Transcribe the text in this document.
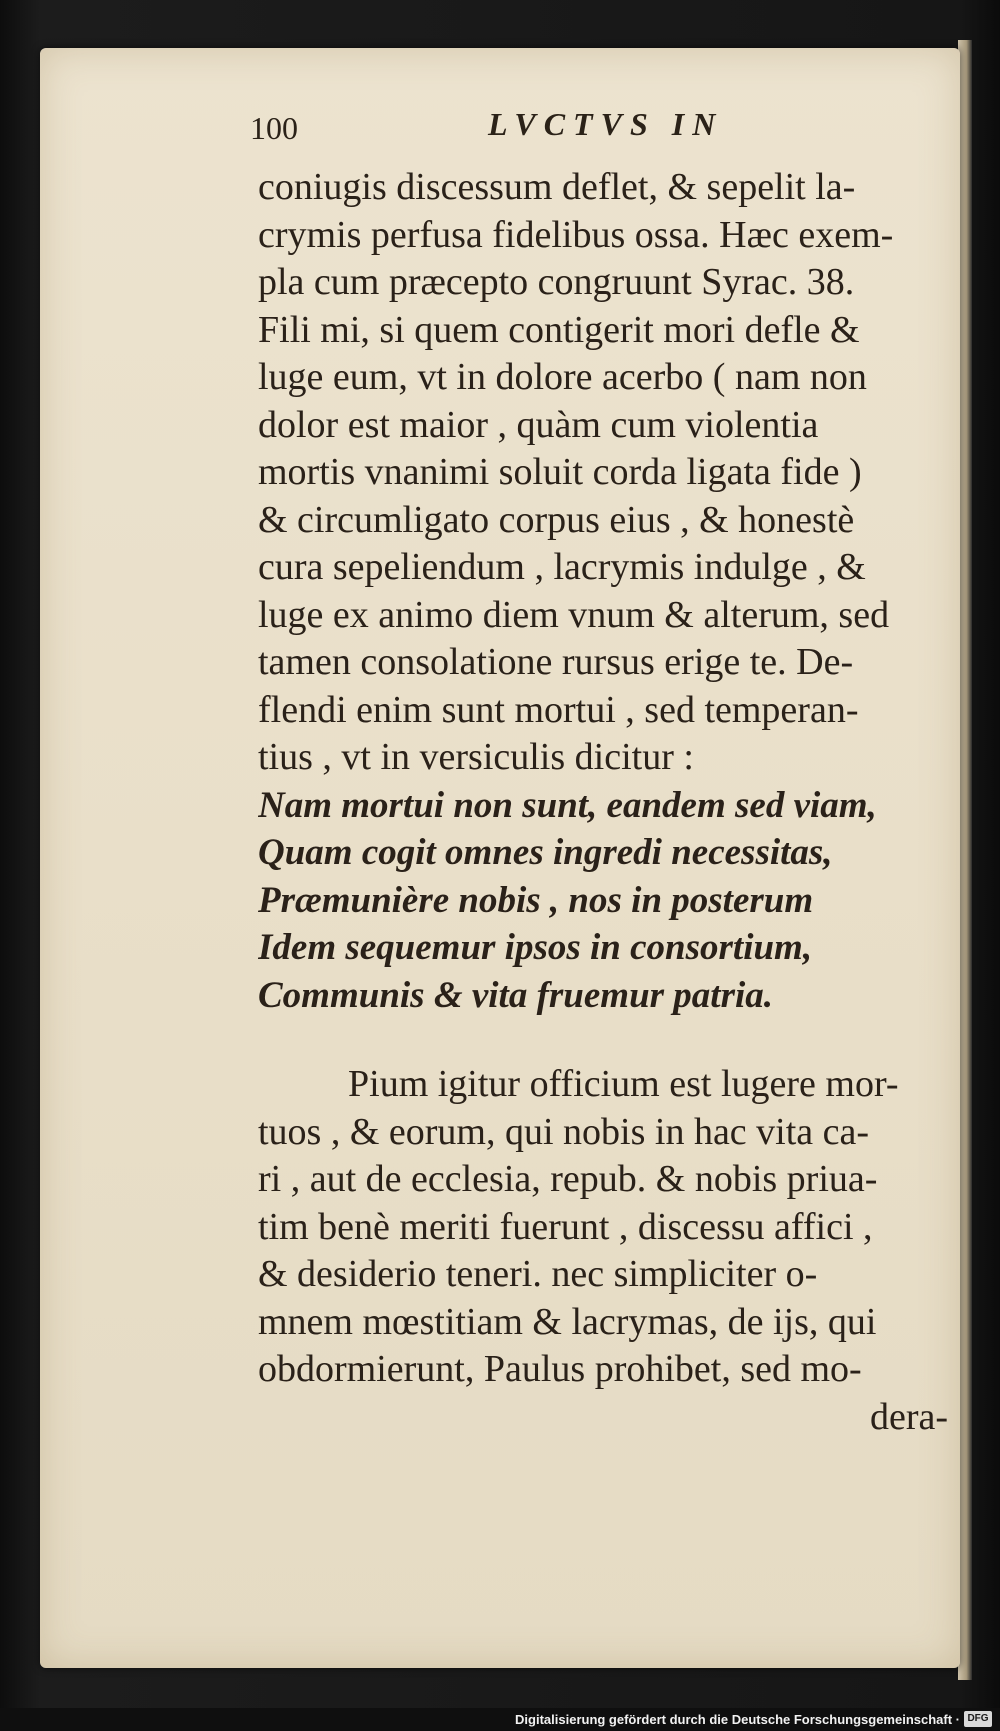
100	LVCTVS IN
coniugis discessum deflet, & sepelit la-
crymis perfusa fidelibus ossa. Hæc exem-
pla cum præcepto congruunt Syrac. 38.
Fili mi, si quem contigerit mori defle &
luge eum, vt in dolore acerbo ( nam non
dolor est maior , quàm cum violentia
mortis vnanimi soluit corda ligata fide )
& circumligato corpus eius , & honestè
cura sepeliendum , lacrymis indulge , &
luge ex animo diem vnum & alterum, sed
tamen consolatione rursus erige te. De-
flendi enim sunt mortui , sed temperan-
tius , vt in versiculis dicitur :
Nam mortui non sunt, eandem sed viam,
Quam cogit omnes ingredi necessitas,
Præmunière nobis , nos in posterum
Idem sequemur ipsos in consortium,
Communis & vita fruemur patria.
Pium igitur officium est lugere mor-
tuos , & eorum, qui nobis in hac vita ca-
ri , aut de ecclesia, repub. & nobis priua-
tim benè meriti fuerunt , discessu affici ,
& desiderio teneri. nec simpliciter o-
mnem mœstitiam & lacrymas, de ijs, qui
obdormierunt, Paulus prohibet, sed mo-
dera-
Digitalisierung gefördert durch die Deutsche Forschungsgemeinschaft · DFG
